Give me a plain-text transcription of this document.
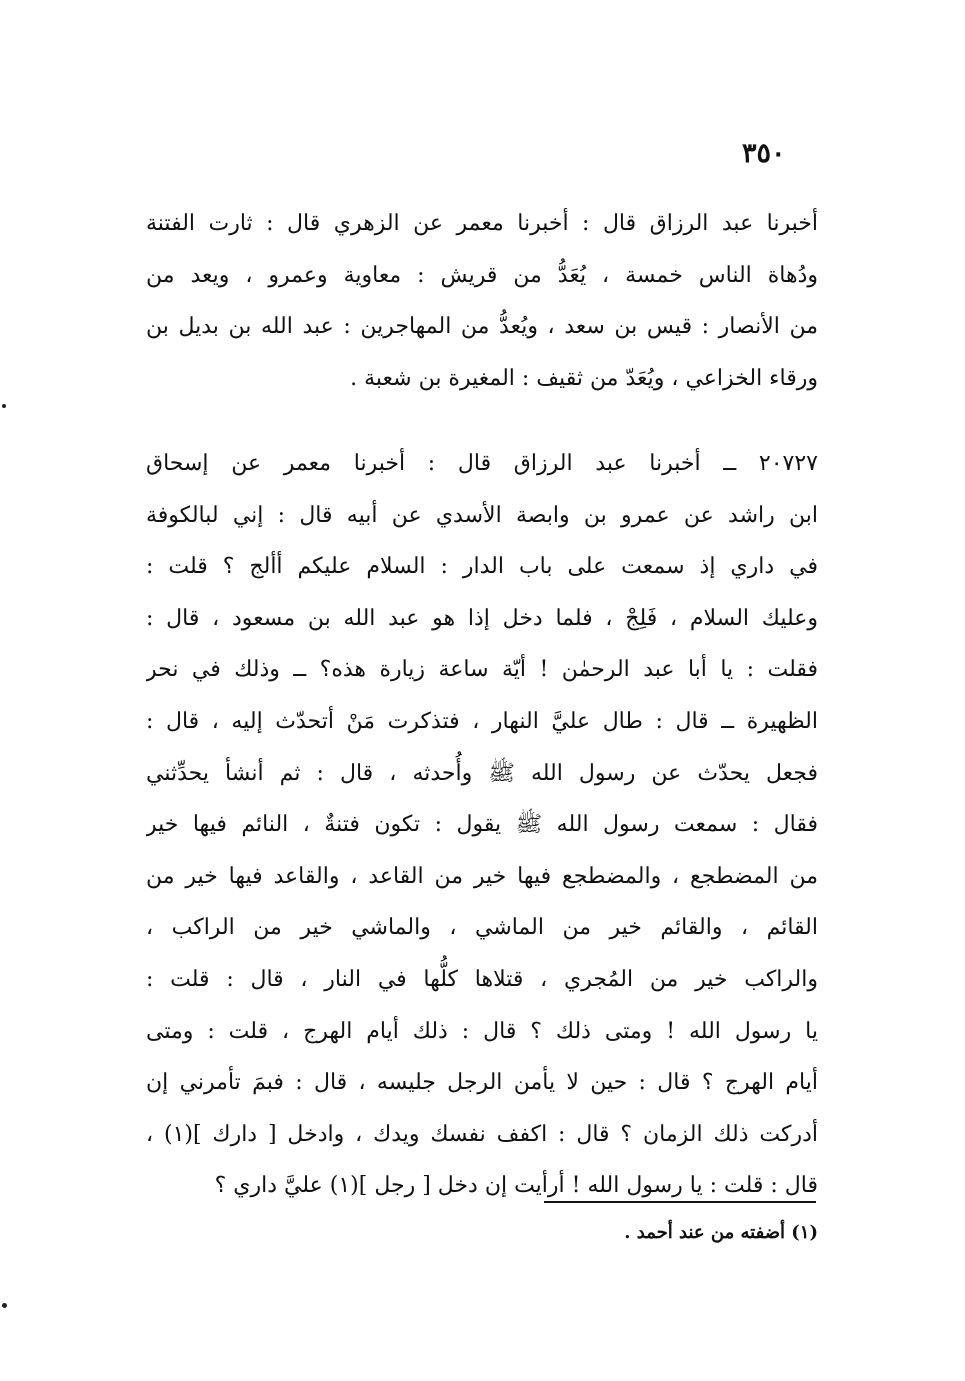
٣٥٠
أخبرنا عبد الرزاق قال : أخبرنا معمر عن الزهري قال : ثارت الفتنة
ودُهاة الناس خمسة ، يُعَدُّ من قريش : معاوية وعمرو ، ويعد من
من الأنصار : قيس بن سعد ، ويُعدُّ من المهاجرين : عبد الله بن بديل بن
ورقاء الخزاعي ، ويُعَدّ من ثقيف : المغيرة بن شعبة .
٢٠٧٢٧ ــ أخبرنا عبد الرزاق قال : أخبرنا معمر عن إسحاق
ابن راشد عن عمرو بن وابصة الأسدي عن أبيه قال : إني لبالكوفة
في داري إذ سمعت على باب الدار : السلام عليكم أألج ؟ قلت :
وعليك السلام ، فَلِجْ ، فلما دخل إذا هو عبد الله بن مسعود ، قال :
فقلت : يا أبا عبد الرحمٰن ! أيّة ساعة زيارة هذه؟ ــ وذلك في نحر
الظهيرة ــ قال : طال عليَّ النهار ، فتذكرت مَنْ أتحدّث إليه ، قال :
فجعل يحدّث عن رسول الله ﷺ وأُحدثه ، قال : ثم أنشأ يحدِّثني
فقال : سمعت رسول الله ﷺ يقول : تكون فتنةٌ ، النائم فيها خير
من المضطجع ، والمضطجع فيها خير من القاعد ، والقاعد فيها خير من
القائم ، والقائم خير من الماشي ، والماشي خير من الراكب ،
والراكب خير من المُجري ، قتلاها كلُّها في النار ، قال : قلت :
يا رسول الله ! ومتى ذلك ؟ قال : ذلك أيام الهرج ، قلت : ومتى
أيام الهرج ؟ قال : حين لا يأمن الرجل جليسه ، قال : فبمَ تأمرني إن
أدركت ذلك الزمان ؟ قال : اكفف نفسك ويدك ، وادخل [ دارك ](١) ،
قال : قلت : يا رسول الله ! أرأيت إن دخل [ رجل ](١) عليَّ داري ؟
(١) أضفته من عند أحمد .
